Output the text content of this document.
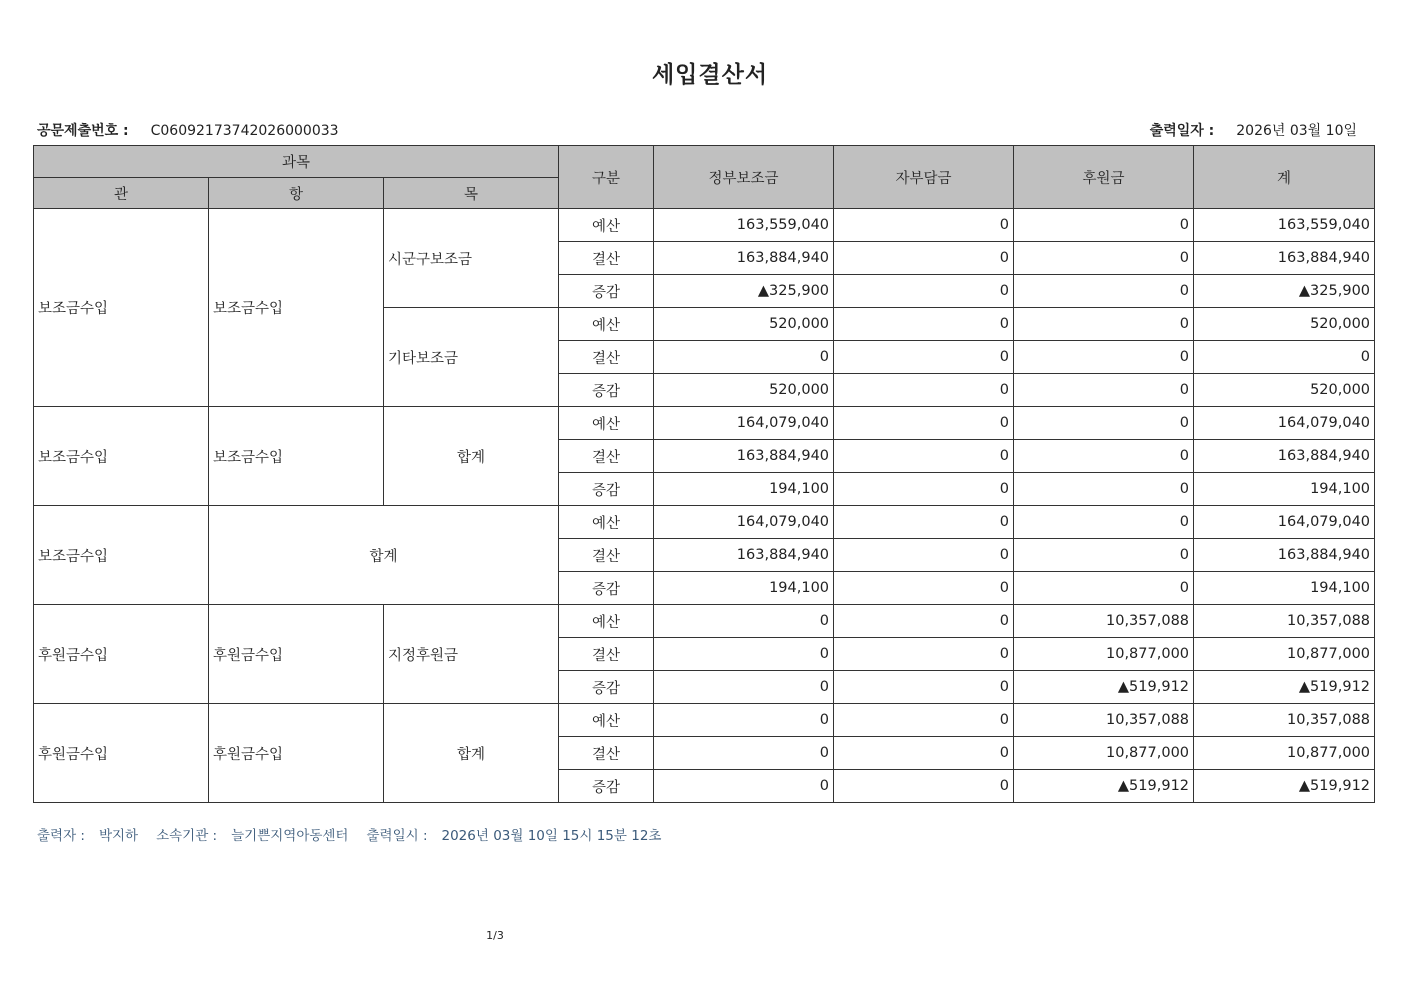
세입결산서
공문제출번호 : C06092173742026000033	출력일자 : 2026년 03월 10일
과목			구분	정부보조금	자부담금	후원금	계
관	항	목					
보조금수입	보조금수입	시군구보조금	예산	163,559,040	0	0	163,559,040
			결산	163,884,940	0	0	163,884,940
			증감	▲325,900	0	0	▲325,900
		기타보조금	예산	520,000	0	0	520,000
			결산	0	0	0	0
			증감	520,000	0	0	520,000
보조금수입	보조금수입	합계	예산	164,079,040	0	0	164,079,040
			결산	163,884,940	0	0	163,884,940
			증감	194,100	0	0	194,100
보조금수입	합계		예산	164,079,040	0	0	164,079,040
			결산	163,884,940	0	0	163,884,940
			증감	194,100	0	0	194,100
후원금수입	후원금수입	지정후원금	예산	0	0	10,357,088	10,357,088
			결산	0	0	10,877,000	10,877,000
			증감	0	0	▲519,912	▲519,912
후원금수입	후원금수입	합계	예산	0	0	10,357,088	10,357,088
			결산	0	0	10,877,000	10,877,000
			증감	0	0	▲519,912	▲519,912
출력자 : 박지하 소속기관 : 늘기쁜지역아동센터 출력일시 : 2026년 03월 10일 15시 15분 12초
1/3
